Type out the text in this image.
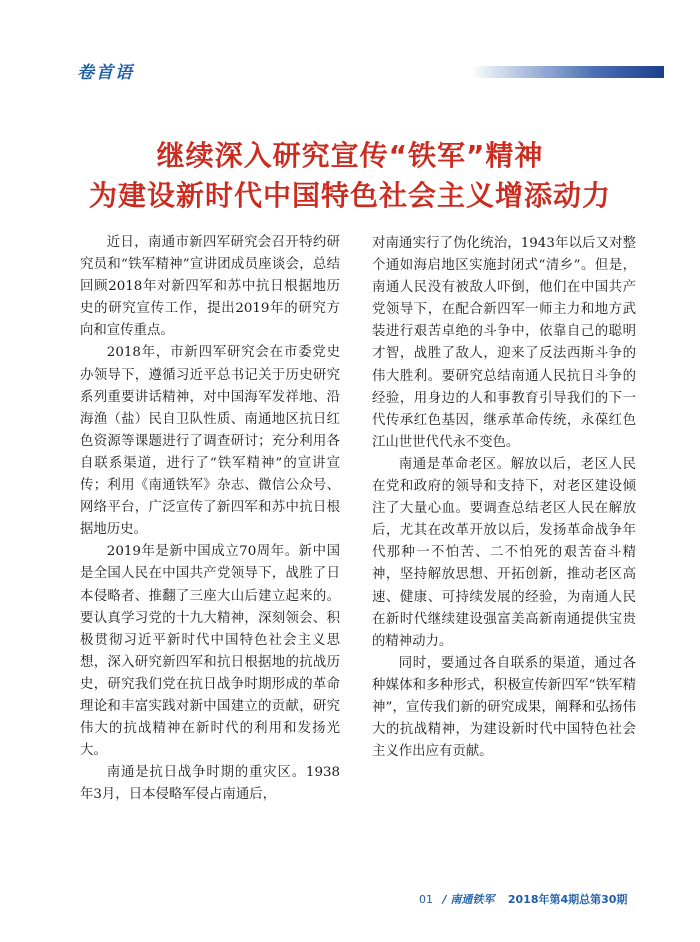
卷首语
继续深入研究宣传“铁军”精神
为建设新时代中国特色社会主义增添动力

近日，南通市新四军研究会召开特约研究员和“铁军精神”宣讲团成员座谈会，总结回顾2018年对新四军和苏中抗日根据地历史的研究宣传工作，提出2019年的研究方向和宣传重点。

2018年，市新四军研究会在市委党史办领导下，遵循习近平总书记关于历史研究系列重要讲话精神，对中国海军发祥地、沿海渔（盐）民自卫队性质、南通地区抗日红色资源等课题进行了调查研讨；充分利用各自联系渠道，进行了“铁军精神”的宣讲宣传；利用《南通铁军》杂志、微信公众号、网络平台，广泛宣传了新四军和苏中抗日根据地历史。

2019年是新中国成立70周年。新中国是全国人民在中国共产党领导下，战胜了日本侵略者、推翻了三座大山后建立起来的。要认真学习党的十九大精神，深刻领会、积极贯彻习近平新时代中国特色社会主义思想，深入研究新四军和抗日根据地的抗战历史，研究我们党在抗日战争时期形成的革命理论和丰富实践对新中国建立的贡献，研究伟大的抗战精神在新时代的利用和发扬光大。

南通是抗日战争时期的重灾区。1938年3月，日本侵略军侵占南通后，

对南通实行了伪化统治，1943年以后又对整个通如海启地区实施封闭式“清乡”。但是，南通人民没有被敌人吓倒，他们在中国共产党领导下，在配合新四军一师主力和地方武装进行艰苦卓绝的斗争中，依靠自己的聪明才智，战胜了敌人，迎来了反法西斯斗争的伟大胜利。要研究总结南通人民抗日斗争的经验，用身边的人和事教育引导我们的下一代传承红色基因，继承革命传统，永葆红色江山世世代代永不变色。

南通是革命老区。解放以后，老区人民在党和政府的领导和支持下，对老区建设倾注了大量心血。要调查总结老区人民在解放后，尤其在改革开放以后，发扬革命战争年代那种一不怕苦、二不怕死的艰苦奋斗精神，坚持解放思想、开拓创新，推动老区高速、健康、可持续发展的经验，为南通人民在新时代继续建设强富美高新南通提供宝贵的精神动力。

同时，要通过各自联系的渠道，通过各种媒体和多种形式，积极宣传新四军“铁军精神”，宣传我们新的研究成果，阐释和弘扬伟大的抗战精神，为建设新时代中国特色社会主义作出应有贡献。

01 / 南通铁军 2018年第4期总第30期
